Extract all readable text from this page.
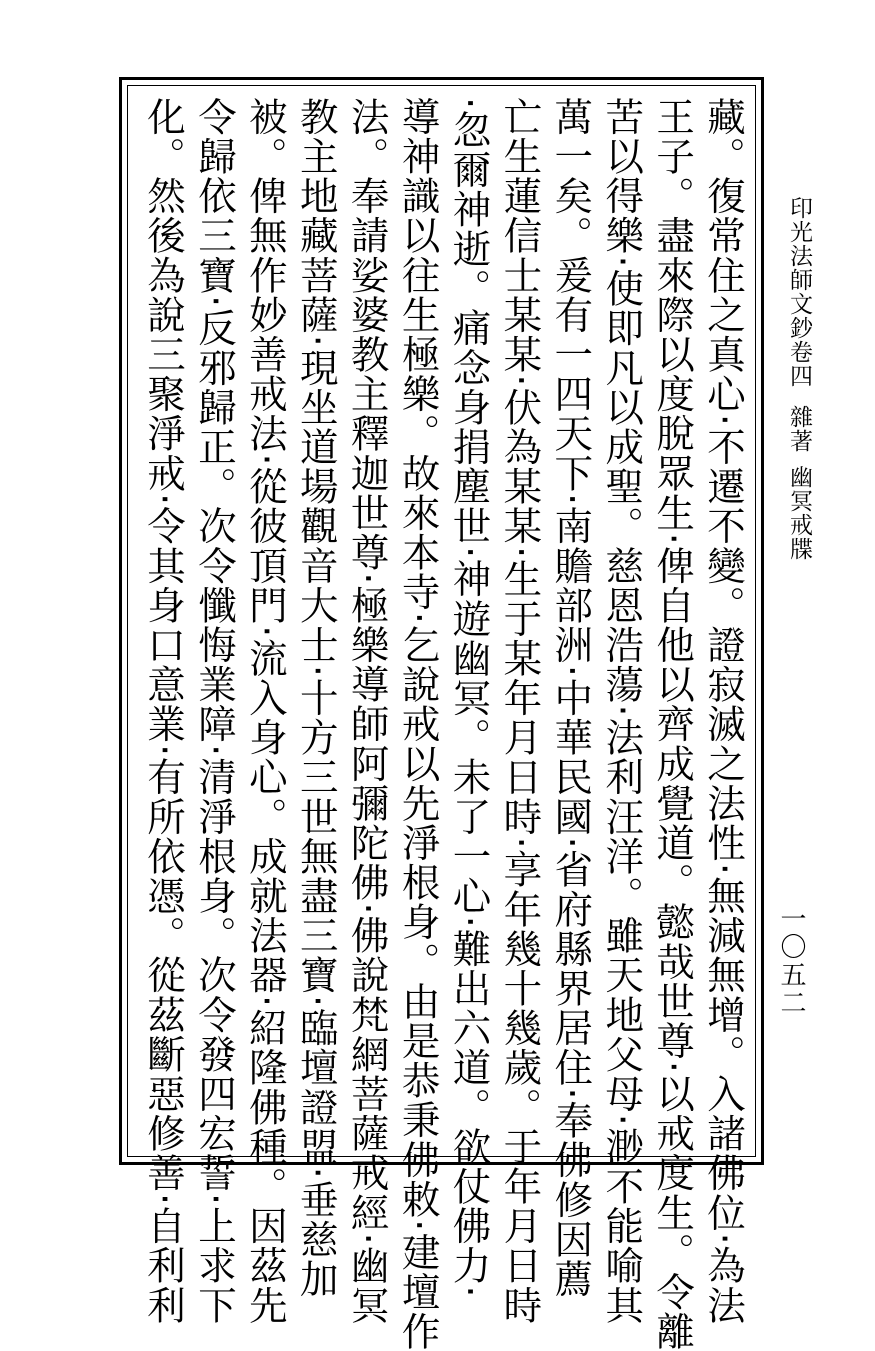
印光法師文鈔卷四
雜著
幽冥戒牒
一〇五二
藏。復常住之真心‧不遷不變。證寂滅之法性‧無減無增。入諸佛位‧為法
王子。盡來際以度脫眾生‧俾自他以齊成覺道。懿哉世尊‧以戒度生。令離
苦以得樂‧使即凡以成聖。慈恩浩蕩‧法利汪洋。雖天地父母‧渺不能喻其
萬一矣。爰有一四天下‧南贍部洲‧中華民國‧省府縣界居住‧奉佛修因薦
亡生蓮信士某某‧伏為某某‧生于某年月日時‧享年幾十幾歲。于年月日時
‧忽爾神逝。痛念身捐塵世‧神遊幽冥。未了一心‧難出六道。欲仗佛力‧
導神識以往生極樂。故來本寺‧乞說戒以先淨根身。由是恭秉佛敕‧建壇作
法。奉請娑婆教主釋迦世尊‧極樂導師阿彌陀佛‧佛說梵網菩薩戒經‧幽冥
教主地藏菩薩‧現坐道場觀音大士‧十方三世無盡三寶‧臨壇證盟‧垂慈加
被。俾無作妙善戒法‧從彼頂門‧流入身心。成就法器‧紹隆佛種。因茲先
令歸依三寶‧反邪歸正。次令懺悔業障‧清淨根身。次令發四宏誓‧上求下
化。然後為說三聚淨戒‧令其身口意業‧有所依憑。從茲斷惡修善‧自利利
